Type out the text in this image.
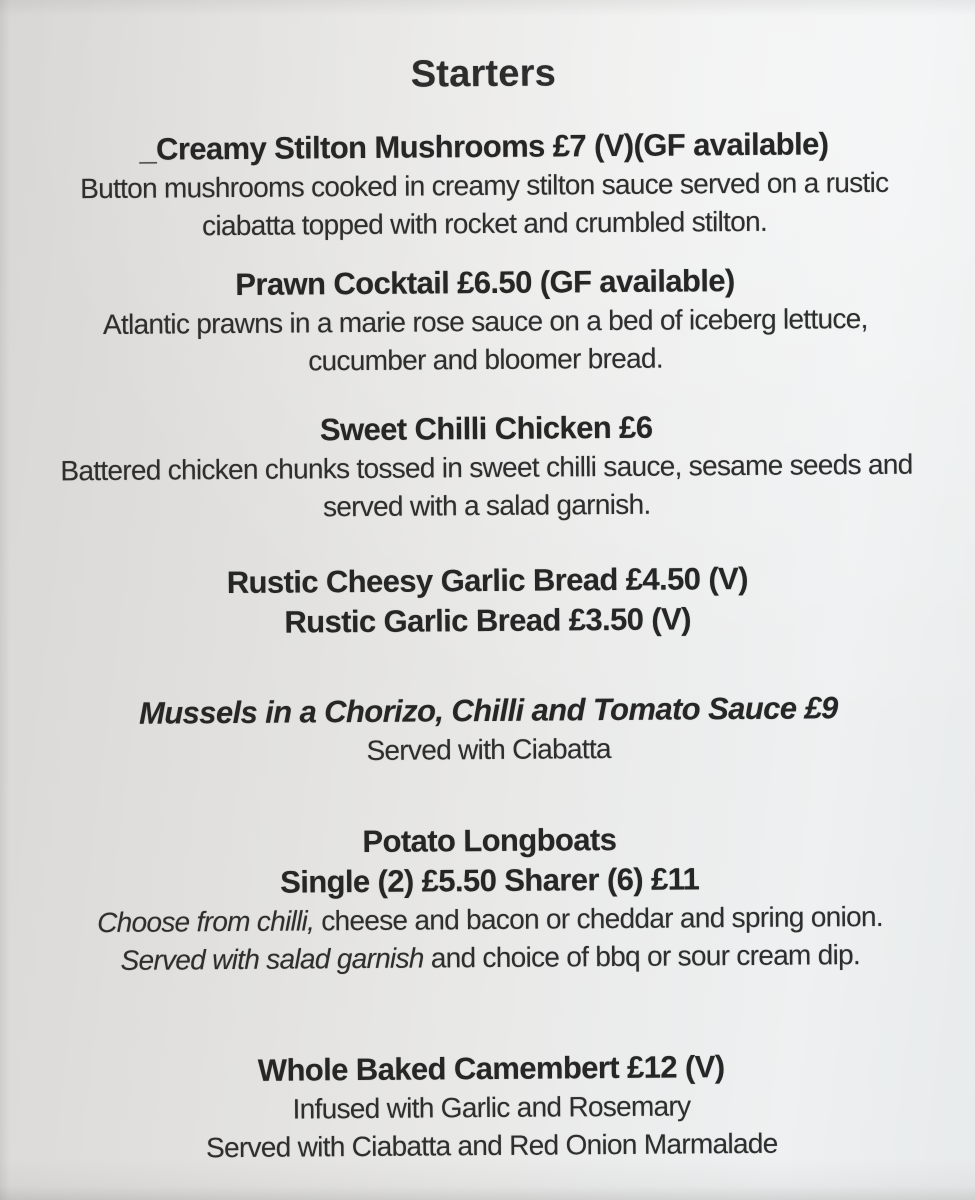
Starters
_Creamy Stilton Mushrooms £7 (V)(GF available)
Button mushrooms cooked in creamy stilton sauce served on a rustic
ciabatta topped with rocket and crumbled stilton.
Prawn Cocktail £6.50 (GF available)
Atlantic prawns in a marie rose sauce on a bed of iceberg lettuce,
cucumber and bloomer bread.
Sweet Chilli Chicken £6
Battered chicken chunks tossed in sweet chilli sauce, sesame seeds and
served with a salad garnish.
Rustic Cheesy Garlic Bread £4.50 (V)
Rustic Garlic Bread £3.50 (V)
Mussels in a Chorizo, Chilli and Tomato Sauce £9
Served with Ciabatta
Potato Longboats
Single (2) £5.50 Sharer (6) £11
Choose from chilli, cheese and bacon or cheddar and spring onion.
Served with salad garnish and choice of bbq or sour cream dip.
Whole Baked Camembert £12 (V)
Infused with Garlic and Rosemary
Served with Ciabatta and Red Onion Marmalade
